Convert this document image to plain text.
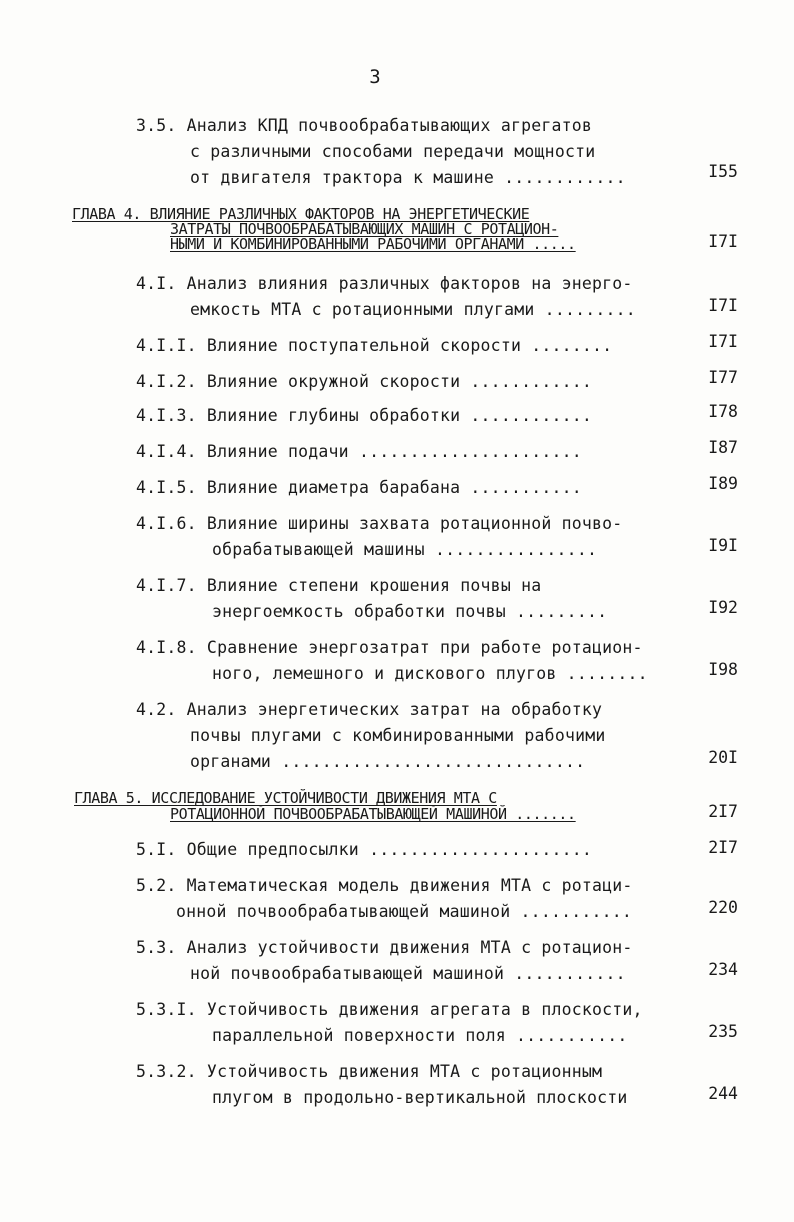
3
3.5. Анализ КПД почвообрабатывающих агрегатов
с различными способами передачи мощности
от двигателя трактора к машине ............	I55
ГЛАВА 4. ВЛИЯНИЕ РАЗЛИЧНЫХ ФАКТОРОВ НА ЭНЕРГЕТИЧЕСКИЕ
ЗАТРАТЫ ПОЧВООБРАБАТЫВАЮЩИХ МАШИН С РОТАЦИОН-
НЫМИ И КОМБИНИРОВАННЫМИ РАБОЧИМИ ОРГАНАМИ .....	I7I
4.I. Анализ влияния различных факторов на энерго-
емкость МТА с ротационными плугами .........	I7I
4.I.I. Влияние поступательной скорости ........	I7I
4.I.2. Влияние окружной скорости ............	I77
4.I.3. Влияние глубины обработки ............	I78
4.I.4. Влияние подачи ......................	I87
4.I.5. Влияние диаметра барабана ...........	I89
4.I.6. Влияние ширины захвата ротационной почво-
обрабатывающей машины ................	I9I
4.I.7. Влияние степени крошения почвы на
энергоемкость обработки почвы .........	I92
4.I.8. Сравнение энергозатрат при работе ротацион-
ного, лемешного и дискового плугов ........	I98
4.2. Анализ энергетических затрат на обработку
почвы плугами с комбинированными рабочими
органами ..............................	20I
ГЛАВА 5. ИССЛЕДОВАНИЕ УСТОЙЧИВОСТИ ДВИЖЕНИЯ МТА С
РОТАЦИОННОЙ ПОЧВООБРАБАТЫВАЮЩЕЙ МАШИНОЙ .......	2I7
5.I. Общие предпосылки ......................	2I7
5.2. Математическая модель движения МТА с ротаци-
онной почвообрабатывающей машиной ...........	220
5.3. Анализ устойчивости движения МТА с ротацион-
ной почвообрабатывающей машиной ...........	234
5.3.I. Устойчивость движения агрегата в плоскости,
параллельной поверхности поля ...........	235
5.3.2. Устойчивость движения МТА с ротационным
плугом в продольно-вертикальной плоскости	244
